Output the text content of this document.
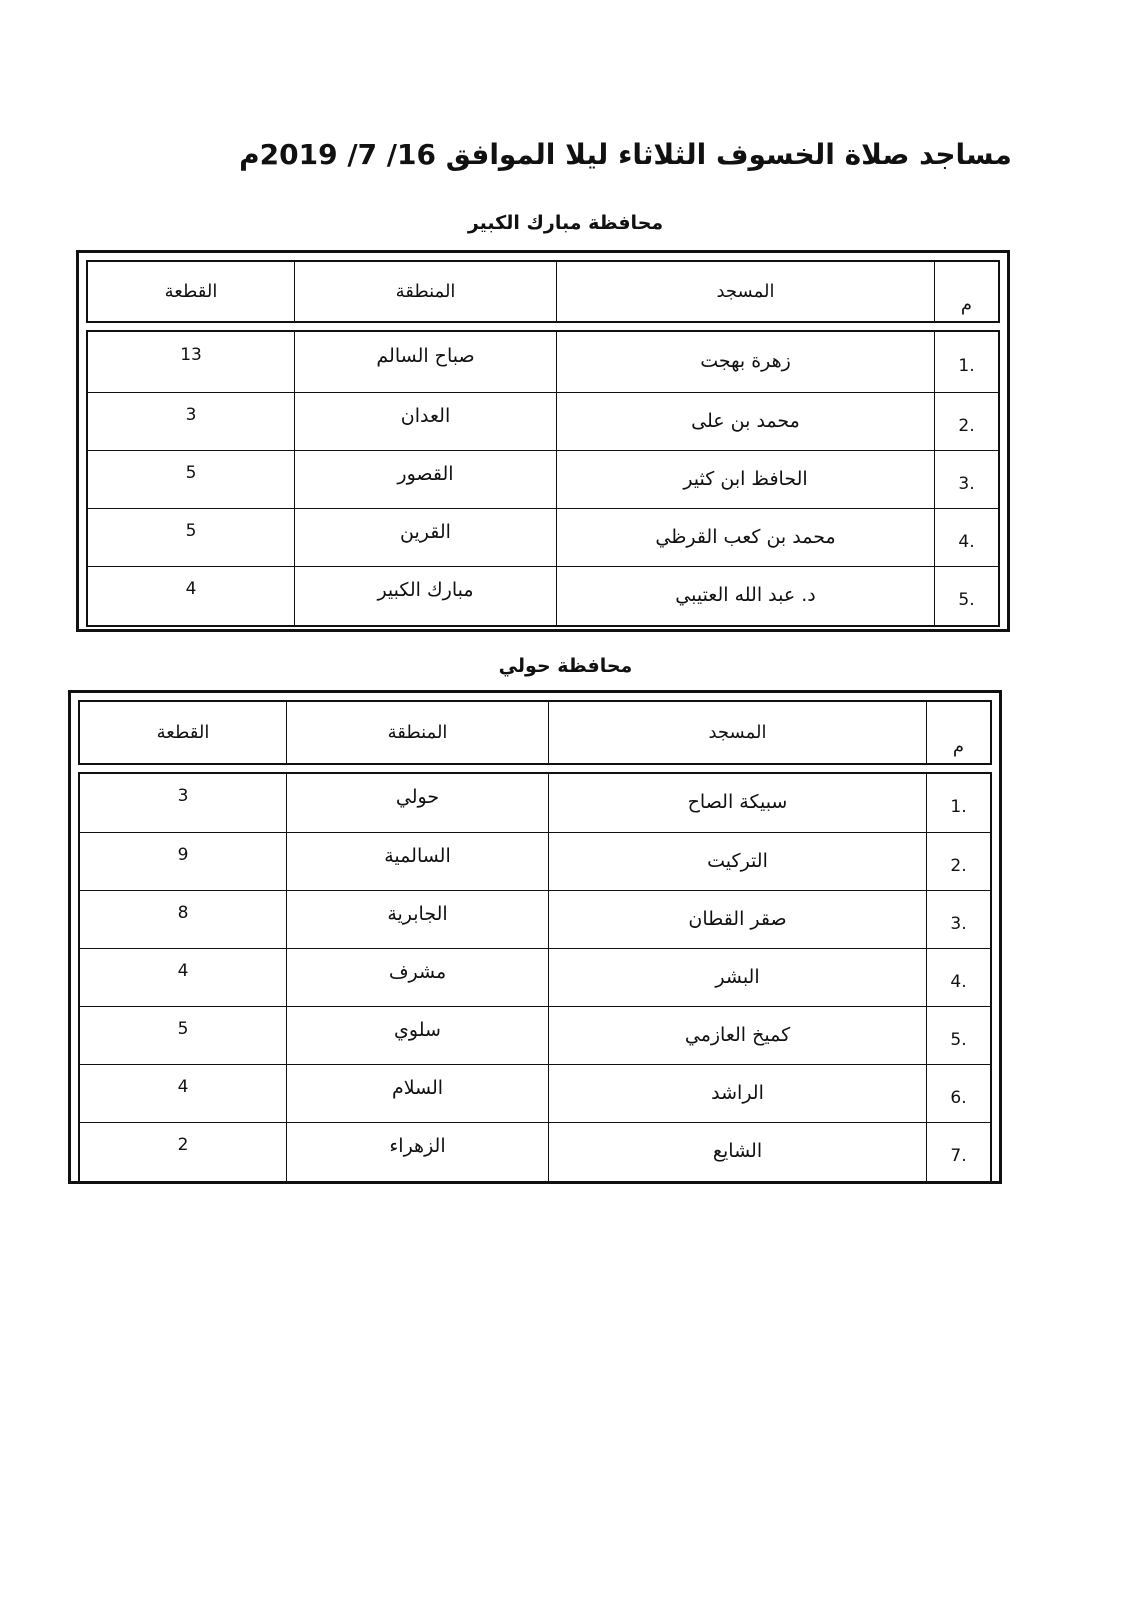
مساجد صلاة الخسوف الثلاثاء ليلا الموافق 16/ 7/ 2019م
محافظة مبارك الكبير
م
المسجد
المنطقة
القطعة
.1
زهرة بهجت
صباح السالم
13
.2
محمد بن على
العدان
3
.3
الحافظ ابن كثير
القصور
5
.4
محمد بن كعب القرظي
القرين
5
.5
د. عبد الله العتيبي
مبارك الكبير
4
محافظة حولي
م
المسجد
المنطقة
القطعة
.1
سبيكة الصاح
حولي
3
.2
التركيت
السالمية
9
.3
صقر القطان
الجابرية
8
.4
البشر
مشرف
4
.5
كميخ العازمي
سلوي
5
.6
الراشد
السلام
4
.7
الشايع
الزهراء
2
